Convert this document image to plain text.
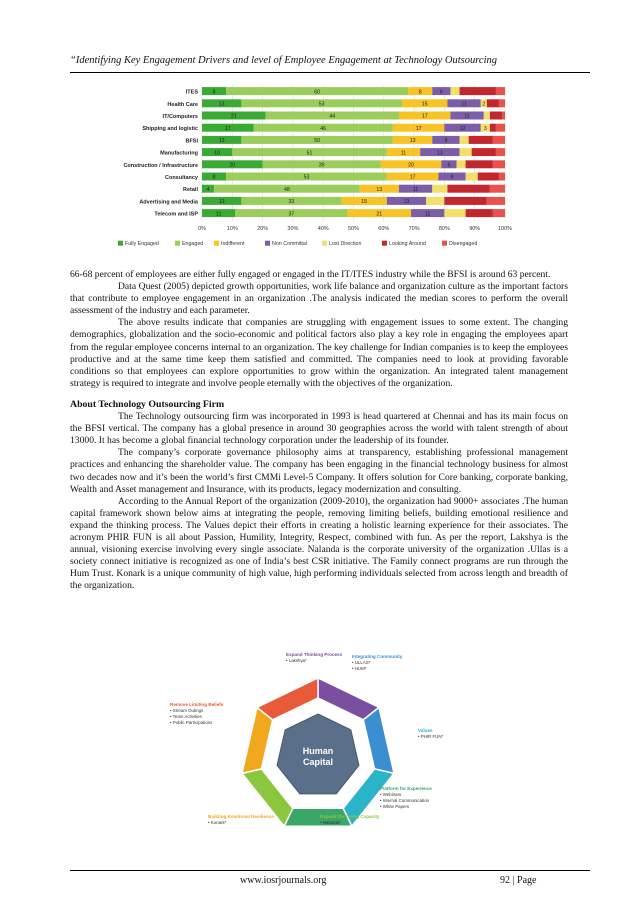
“Identifying Key Engagement Drivers and level of Employee Engagement at Technology Outsourcing
0%	10%	20%	30%	40%	50%	60%	70%	80%	90%	100%
ITES	8	60	8	6
Health Care	13	53	15	11	2
IT/Computers	21	44	17	11
Shipping and logistic	17	46	17	12	3
BFSI	13	50	13	9
Manufacturing	10	51	11	13
Construction / Infrastructure	20	39	20	5
Consultancy	8	53	17	9
Retail 4	48	13	11
Advertising and Media	13	33	15	13
Telecom and ISP	11	37	21	11
Fully Engaged	Engaged	Indifferent	Non Committal	Lost Direction	Looking Around	Disengaged

66-68 percent of employees are either fully engaged or engaged in the IT/ITES industry while the BFSI is around 63 percent.

Data Quest (2005) depicted growth opportunities, work life balance and organization culture as the important factors that contribute to employee engagement in an organization .The analysis indicated the median scores to perform the overall assessment of the industry and each parameter.

The above results indicate that companies are struggling with engagement issues to some extent. The changing demographics, globalization and the socio-economic and political factors also play a key role in engaging the employees apart from the regular employee concerns internal to an organization. The key challenge for Indian companies is to keep the employees productive and at the same time keep them satisfied and committed. The companies need to look at providing favorable conditions so that employees can explore opportunities to grow within the organization. An integrated talent management strategy is required to integrate and involve people eternally with the objectives of the organization.

About Technology Outsourcing Firm

The Technology outsourcing firm was incorporated in 1993 is head quartered at Chennai and has its main focus on the BFSI vertical. The company has a global presence in around 30 geographies across the world with talent strength of about 13000. It has become a global financial technology corporation under the leadership of its founder.

The company’s corporate governance philosophy aims at transparency, establishing professional management practices and enhancing the shareholder value. The company has been engaging in the financial technology business for almost two decades now and it’s been the world’s first CMMi Level-5 Company. It offers solution for Core banking, corporate banking, Wealth and Asset management and Insurance, with its products, legacy modernization and consulting.

According to the Annual Report of the organization (2009-2010), the organization had 9000+ associates .The human capital framework shown below aims at integrating the people, removing limiting beliefs, building emotional resilience and expand the thinking process. The Values depict their efforts in creating a holistic learning experience for their associates. The acronym PHIR FUN is all about Passion, Humility, Integrity, Respect, combined with fun. As per the report, Lakshya is the annual, visioning exercise involving every single associate. Nalanda is the corporate university of the organization .Ullas is a society connect initiative is recognized as one of India’s best CSR initiative. The Family connect programs are run through the Hum Trust. Konark is a unique community of high value, high performing individuals selected from across length and breadth of the organization.

Human
Capital
Expand Thinking Process
• Lakshya*
Integrating Community
• ULLAS*
• HUM*
Values
• PHIR FUN*
Platform for Experience
• Webinars
• Internal Communication
• White Papers
Expand the Doing Capacity
• Nalanda*
Building Emotional Resilience
• Konark*
Remove Limiting Beliefs
• Stream Outings
• Team Activities
• Public Participations
www.iosrjournals.org	92 | Page
